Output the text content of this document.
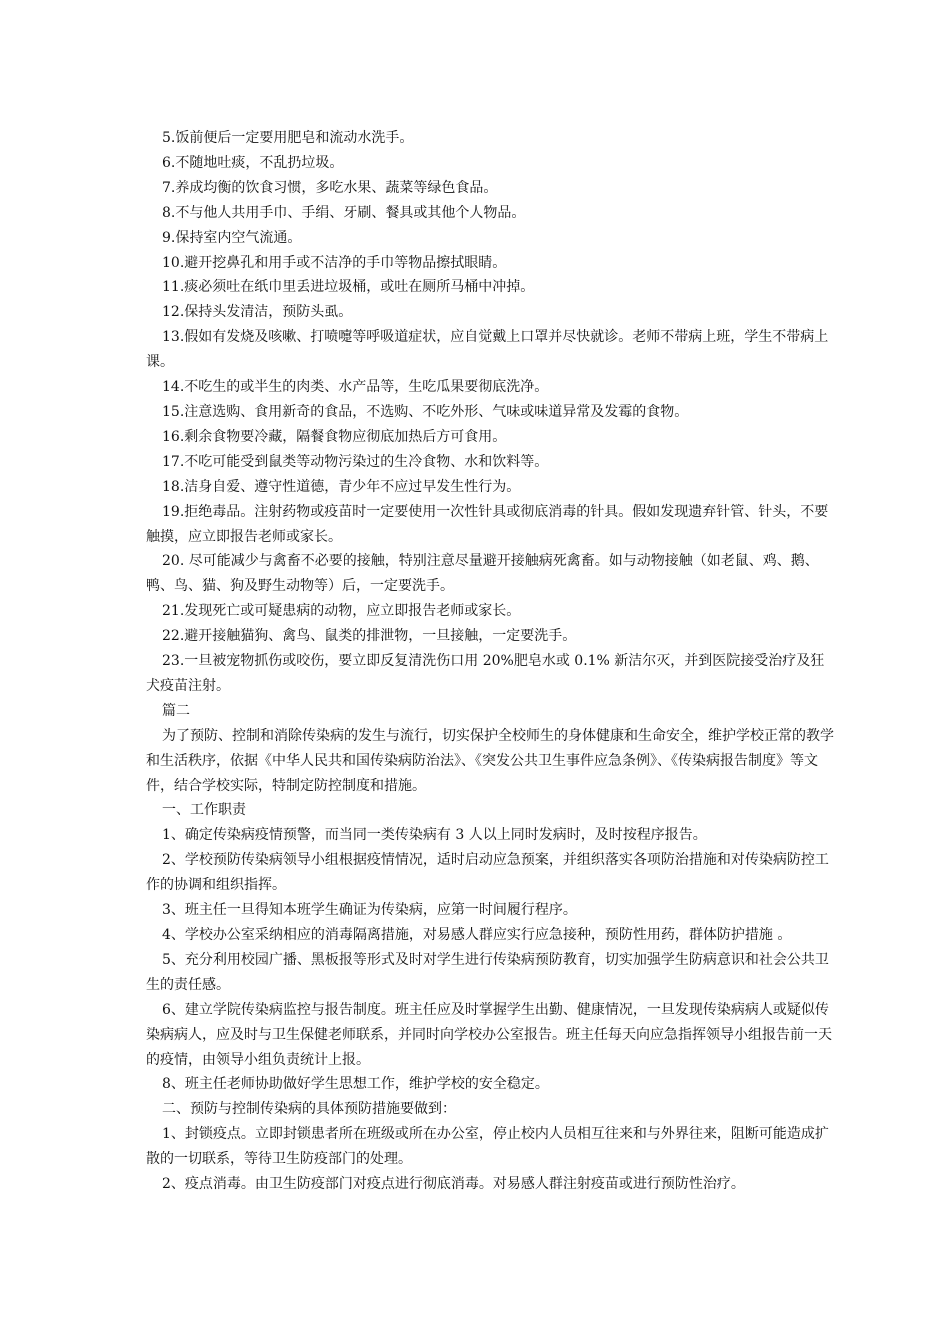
5.饭前便后一定要用肥皂和流动水洗手。

6.不随地吐痰，不乱扔垃圾。

7.养成均衡的饮食习惯，多吃水果、蔬菜等绿色食品。

8.不与他人共用手巾、手绢、牙刷、餐具或其他个人物品。

9.保持室内空气流通。

10.避开挖鼻孔和用手或不洁净的手巾等物品擦拭眼睛。

11.痰必须吐在纸巾里丢进垃圾桶，或吐在厕所马桶中冲掉。

12.保持头发清洁，预防头虱。

13.假如有发烧及咳嗽、打喷嚏等呼吸道症状，应自觉戴上口罩并尽快就诊。老师不带病上班，学生不带病上课。

14.不吃生的或半生的肉类、水产品等，生吃瓜果要彻底洗净。

15.注意选购、食用新奇的食品，不选购、不吃外形、气味或味道异常及发霉的食物。

16.剩余食物要冷藏，隔餐食物应彻底加热后方可食用。

17.不吃可能受到鼠类等动物污染过的生冷食物、水和饮料等。

18.洁身自爱、遵守性道德，青少年不应过早发生性行为。

19.拒绝毒品。注射药物或疫苗时一定要使用一次性针具或彻底消毒的针具。假如发现遗弃针管、针头，不要触摸，应立即报告老师或家长。

20. 尽可能减少与禽畜不必要的接触，特别注意尽量避开接触病死禽畜。如与动物接触（如老鼠、鸡、鹅、鸭、鸟、猫、狗及野生动物等）后，一定要洗手。

21.发现死亡或可疑患病的动物，应立即报告老师或家长。

22.避开接触猫狗、禽鸟、鼠类的排泄物，一旦接触，一定要洗手。

23.一旦被宠物抓伤或咬伤，要立即反复清洗伤口用 20%肥皂水或 0.1% 新洁尔灭，并到医院接受治疗及狂犬疫苗注射。

篇二

为了预防、控制和消除传染病的发生与流行，切实保护全校师生的身体健康和生命安全，维护学校正常的教学和生活秩序，依据《中华人民共和国传染病防治法》、《突发公共卫生事件应急条例》、《传染病报告制度》等文件，结合学校实际，特制定防控制度和措施。

一、工作职责

1、确定传染病疫情预警，而当同一类传染病有 3 人以上同时发病时，及时按程序报告。

2、学校预防传染病领导小组根据疫情情况，适时启动应急预案，并组织落实各项防治措施和对传染病防控工作的协调和组织指挥。

3、班主任一旦得知本班学生确证为传染病，应第一时间履行程序。

4、学校办公室采纳相应的消毒隔离措施，对易感人群应实行应急接种，预防性用药，群体防护措施 。

5、充分利用校园广播、黑板报等形式及时对学生进行传染病预防教育，切实加强学生防病意识和社会公共卫生的责任感。

6、建立学院传染病监控与报告制度。班主任应及时掌握学生出勤、健康情况，一旦发现传染病病人或疑似传染病病人，应及时与卫生保健老师联系，并同时向学校办公室报告。班主任每天向应急指挥领导小组报告前一天的疫情，由领导小组负责统计上报。

8、班主任老师协助做好学生思想工作，维护学校的安全稳定。

二、预防与控制传染病的具体预防措施要做到：

1、封锁疫点。立即封锁患者所在班级或所在办公室，停止校内人员相互往来和与外界往来，阻断可能造成扩散的一切联系，等待卫生防疫部门的处理。

2、疫点消毒。由卫生防疫部门对疫点进行彻底消毒。对易感人群注射疫苗或进行预防性治疗。
